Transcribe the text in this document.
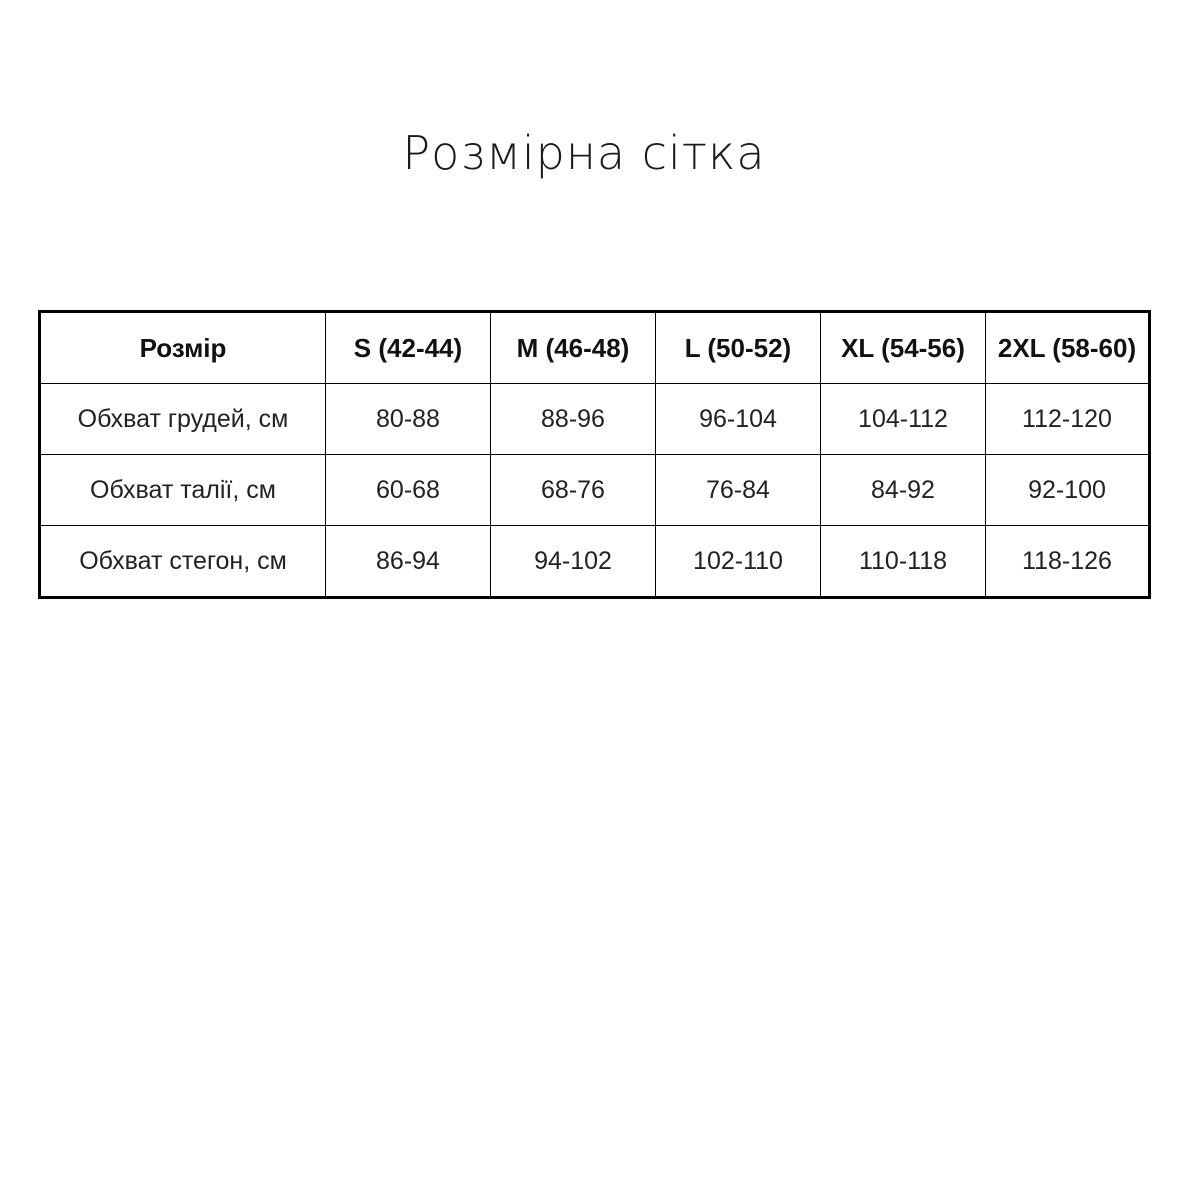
Розмірна сітка
Розмір	S (42-44)	M (46-48)	L (50-52)	XL (54-56)	2XL (58-60)
Обхват грудей, см	80-88	88-96	96-104	104-112	112-120
Обхват талії, см	60-68	68-76	76-84	84-92	92-100
Обхват стегон, см	86-94	94-102	102-110	110-118	118-126
